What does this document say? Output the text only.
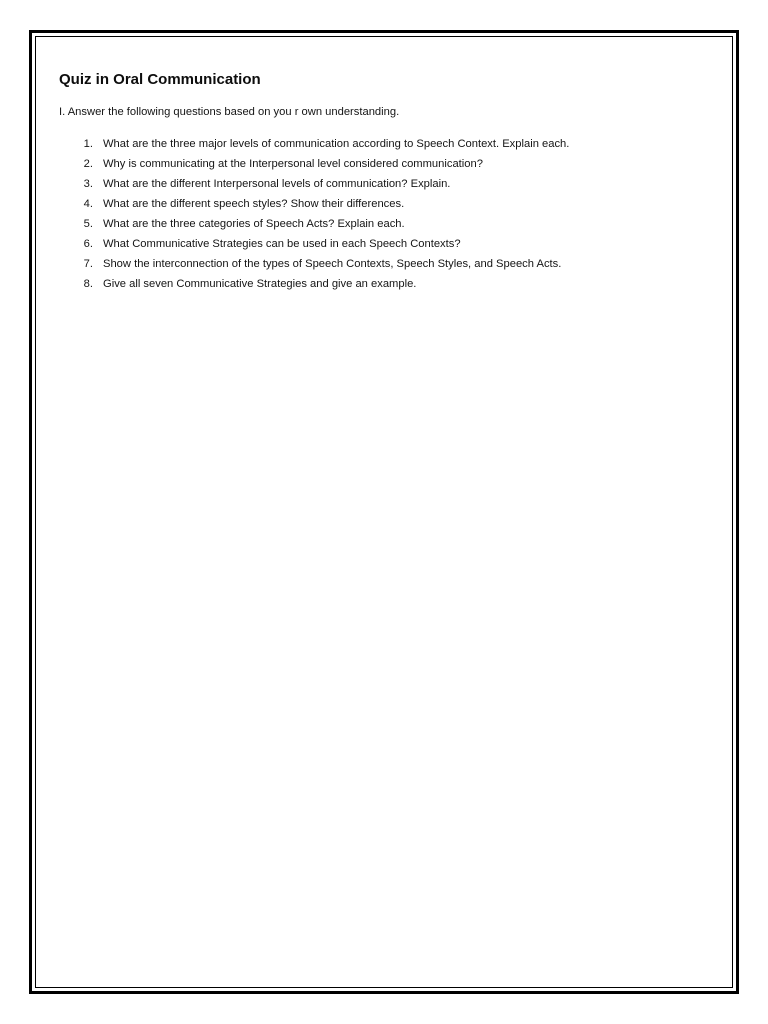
Quiz in Oral Communication

I. Answer the following questions based on you r own understanding.

1. What are the three major levels of communication according to Speech Context. Explain each.
2. Why is communicating at the Interpersonal level considered communication?
3. What are the different Interpersonal levels of communication? Explain.
4. What are the different speech styles? Show their differences.
5. What are the three categories of Speech Acts? Explain each.
6. What Communicative Strategies can be used in each Speech Contexts?
7. Show the interconnection of the types of Speech Contexts, Speech Styles, and Speech Acts.
8. Give all seven Communicative Strategies and give an example.
